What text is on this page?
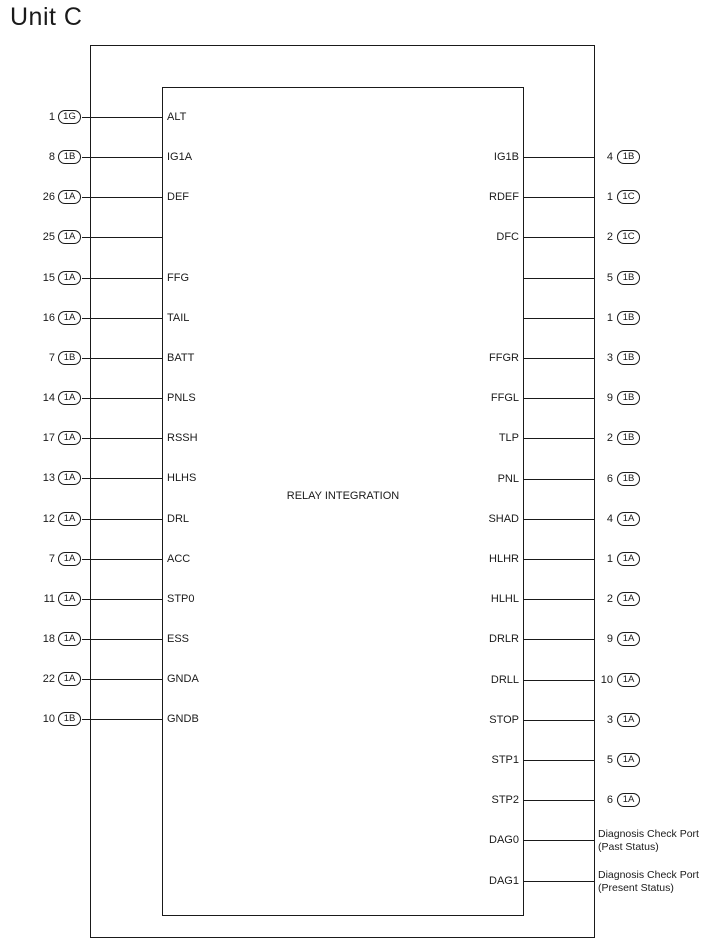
Unit C
RELAY INTEGRATION
1 1G	ALT
8 1B	IG1A
26 1A	DEF
25 1A
15 1A	FFG
16 1A	TAIL
7 1B	BATT
14 1A	PNLS
17 1A	RSSH
13 1A	HLHS
12 1A	DRL
7 1A	ACC
11 1A	STP0
18 1A	ESS
22 1A	GNDA
10 1B	GNDB
IG1B	4	1B
RDEF	1 1C
DFC	2 1C
5	1B
1	1B
FFGR	3	1B
FFGL	9	1B
TLP	2	1B
PNL	6	1B
SHAD	4	1A
HLHR	1	1A
HLHL	2	1A
DRLR	9	1A
DRLL	10	1A
STOP	3	1A
STP1	5	1A
STP2	6	1A
DAG0	Diagnosis Check Port
(Past Status)
DAG1	Diagnosis Check Port
(Present Status)
